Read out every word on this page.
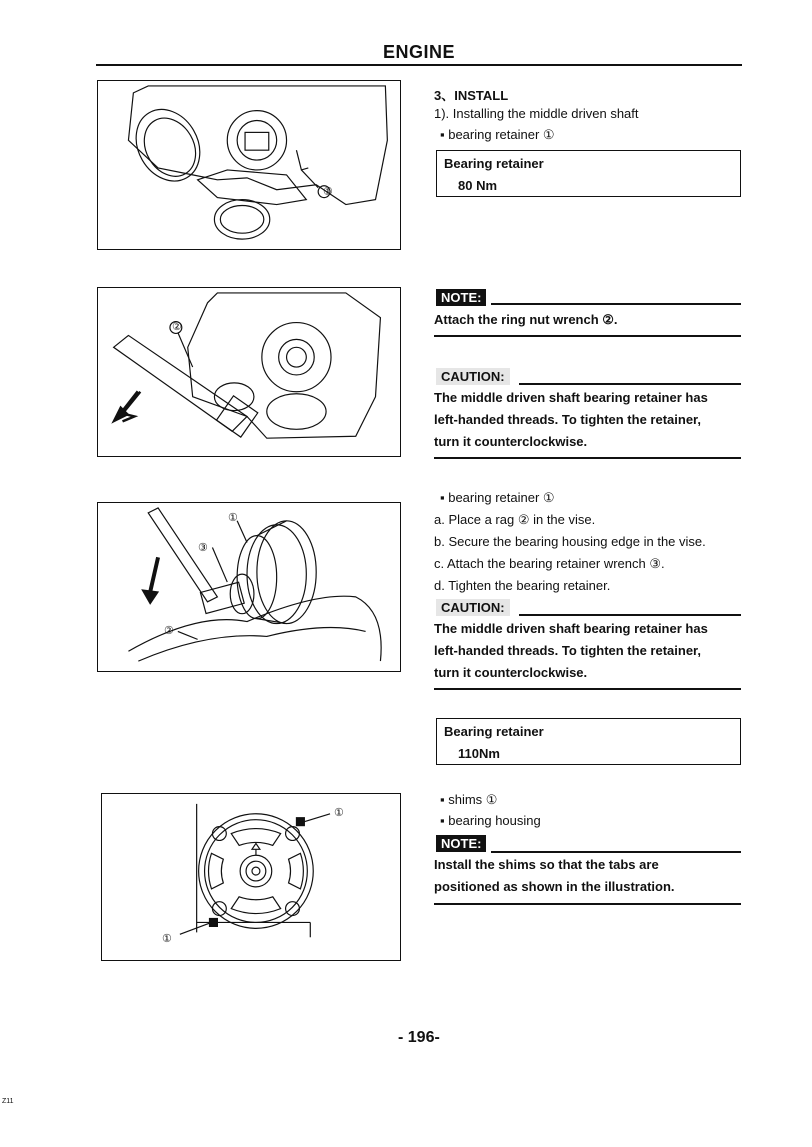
ENGINE
①
3、INSTALL
1). Installing the middle driven shaft
▪ bearing retainer ①
Bearing retainer
80 Nm
②
NOTE:
Attach the ring nut wrench ②.
CAUTION:
The middle driven shaft bearing retainer has
left-handed threads. To tighten the retainer,
turn it counterclockwise.
①
③
②
▪ bearing retainer ①
a. Place a rag ② in the vise.
b. Secure the bearing housing edge in the vise.
c. Attach the bearing retainer wrench ③.
d. Tighten the bearing retainer.
CAUTION:
The middle driven shaft bearing retainer has
left-handed threads. To tighten the retainer,
turn it counterclockwise.
Bearing retainer
110Nm
①
①
▪ shims ①
▪ bearing housing
NOTE:
Install the shims so that the tabs are
positioned as shown in the illustration.
- 196-
Z11
